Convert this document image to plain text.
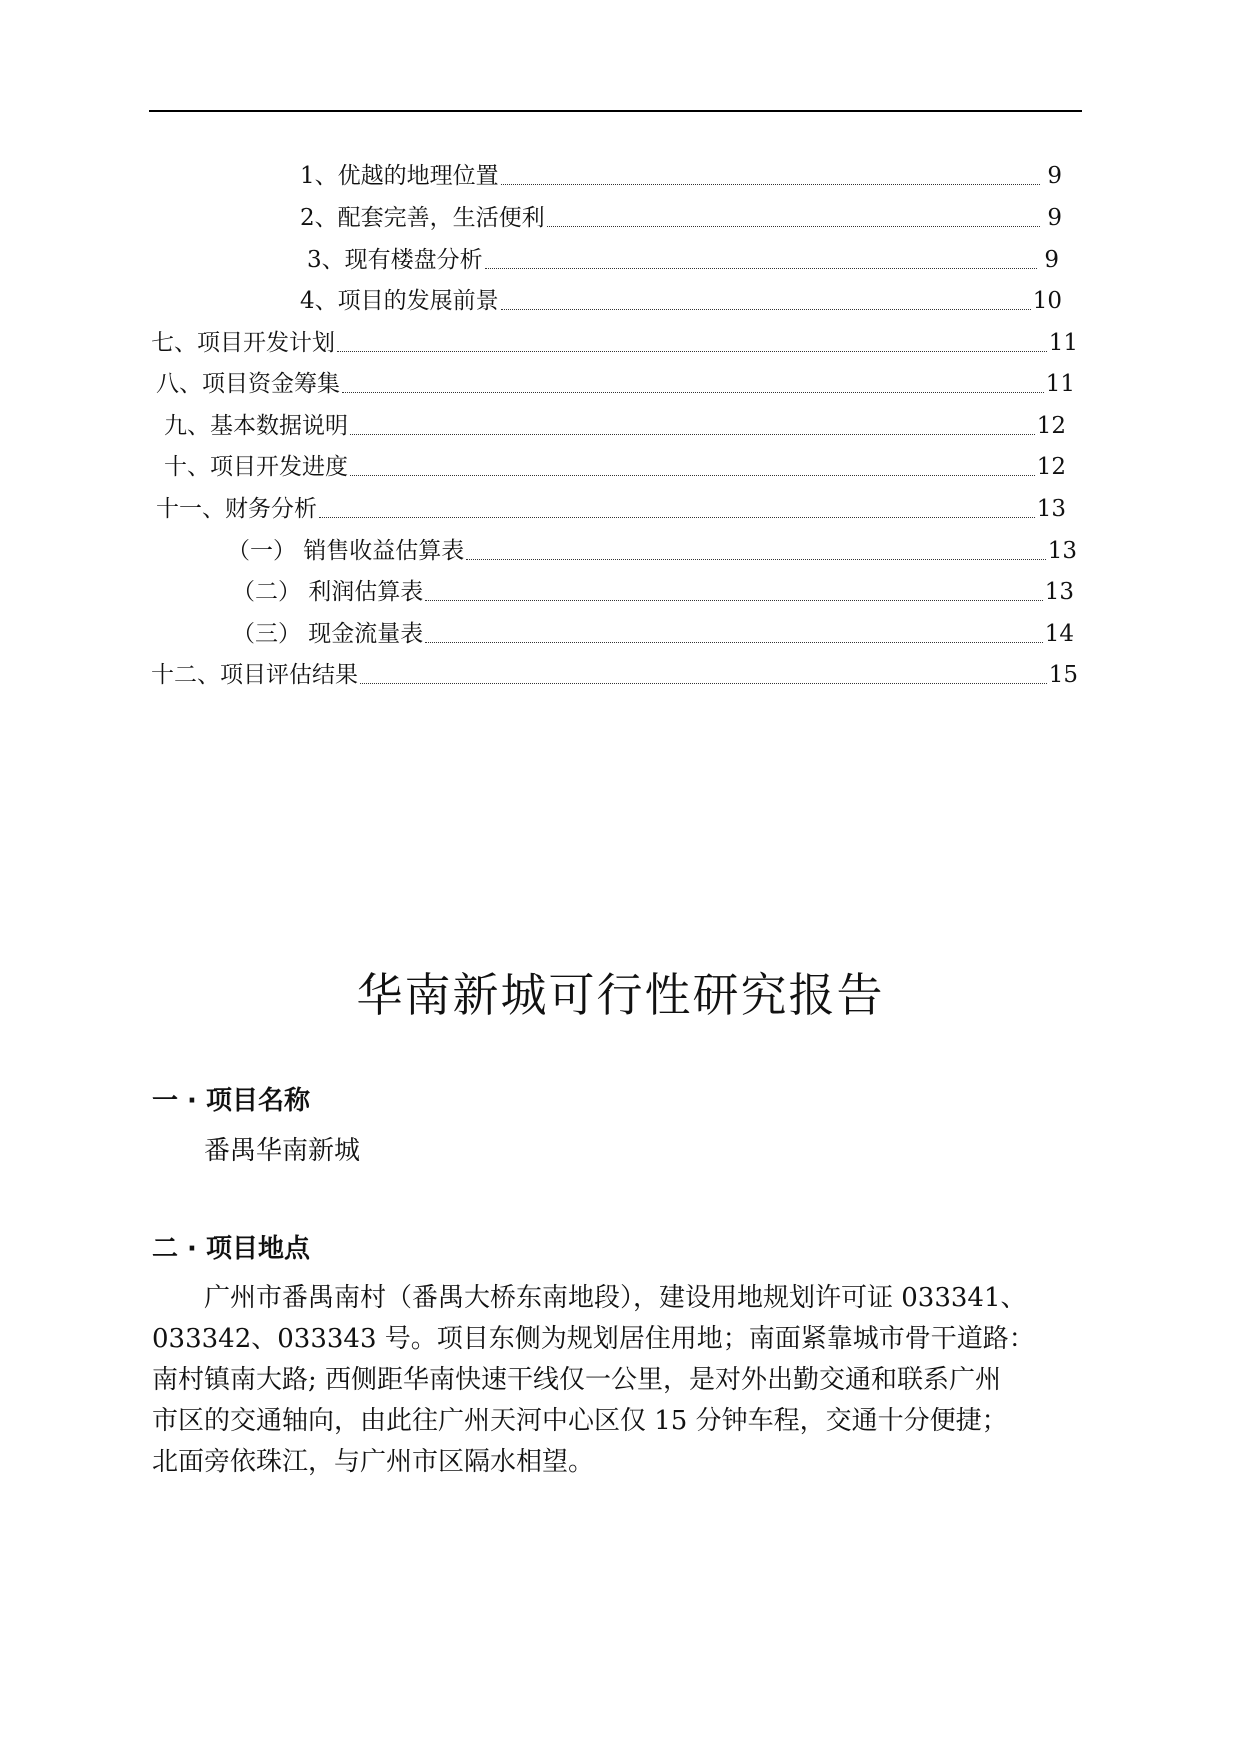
1、优越的地理位置	9
2、配套完善，生活便利	9
3、现有楼盘分析	9
4、项目的发展前景	10
七、项目开发计划	11
八、项目资金筹集	11
九、基本数据说明	12
十、项目开发进度	12
十一、财务分析	13
（一） 销售收益估算表	13
（二） 利润估算表	13
（三） 现金流量表	14
十二、项目评估结果	15
华南新城可行性研究报告
一 · 项目名称
番禺华南新城
二 · 项目地点
广州市番禺南村（番禺大桥东南地段），建设用地规划许可证 033341、
033342、033343 号。项目东侧为规划居住用地；南面紧靠城市骨干道路：
南村镇南大路; 西侧距华南快速干线仅一公里，是对外出勤交通和联系广州
市区的交通轴向，由此往广州天河中心区仅 15 分钟车程，交通十分便捷；
北面旁依珠江，与广州市区隔水相望。
